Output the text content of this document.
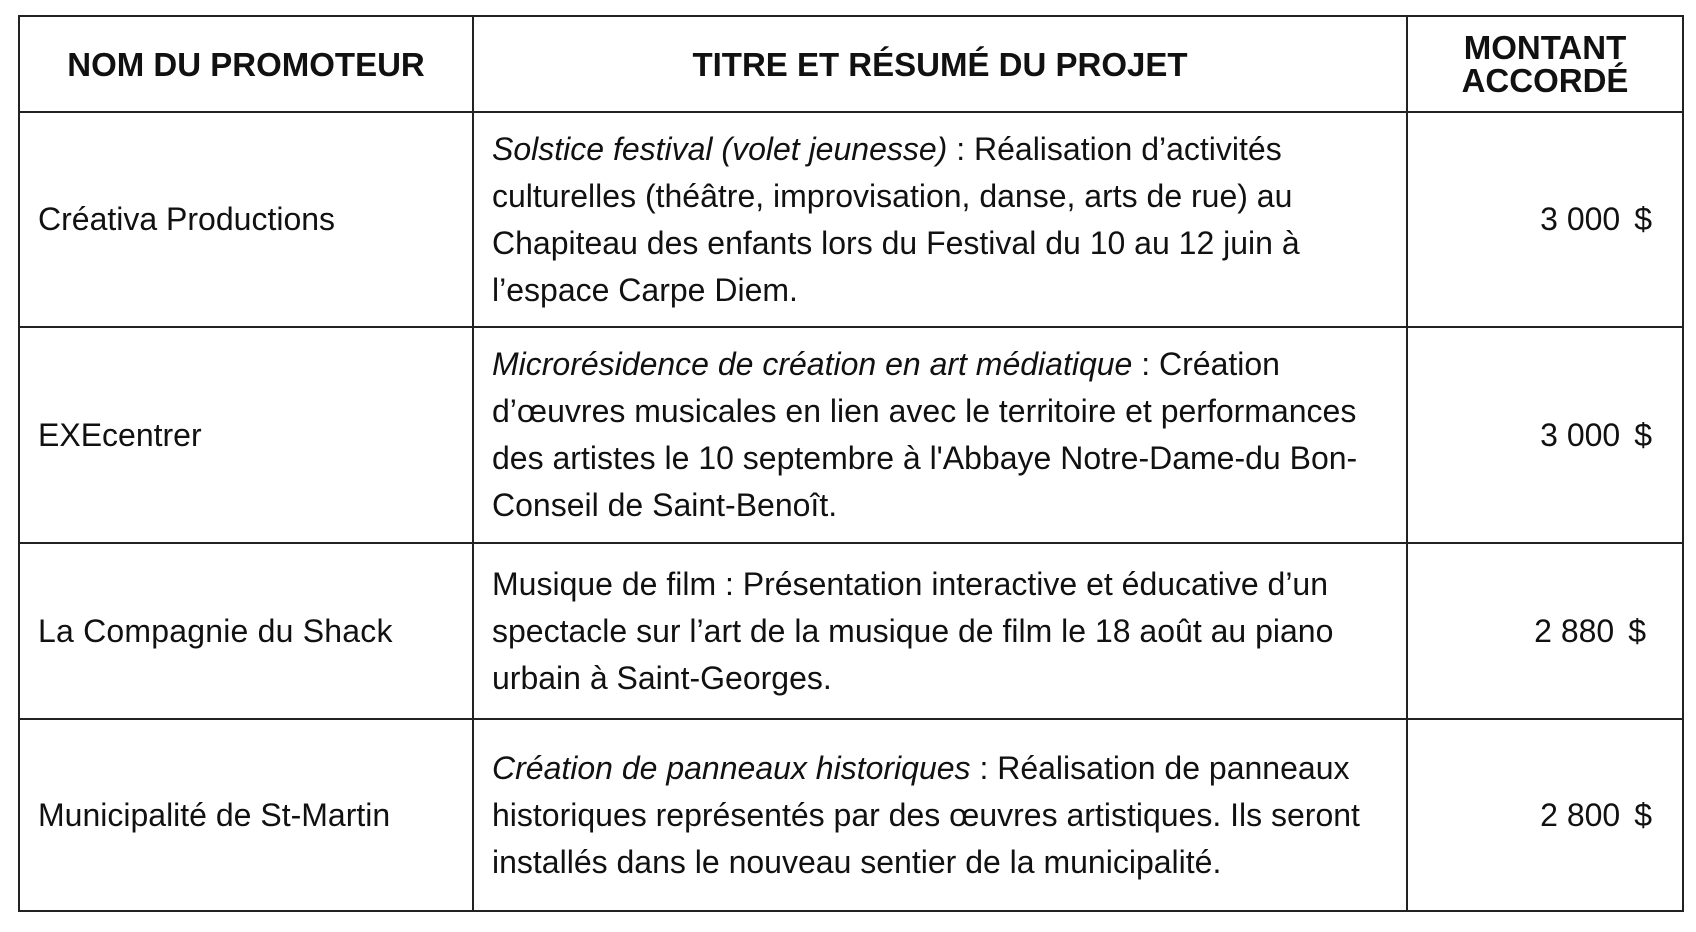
NOM DU PROMOTEUR	TITRE ET RÉSUMÉ DU PROJET	MONTANT
ACCORDÉ
Créativa Productions	Solstice festival (volet jeunesse) : Réalisation d’activités culturelles (théâtre, improvisation, danse, arts de rue) au Chapiteau des enfants lors du Festival du 10 au 12 juin à l’espace Carpe Diem.	3 000 $
EXEcentrer	Microrésidence de création en art médiatique : Création d’œuvres musicales en lien avec le territoire et performances des artistes le 10 septembre à l'Abbaye Notre-Dame-du Bon-Conseil de Saint-Benoît.	3 000 $
La Compagnie du Shack	Musique de film : Présentation interactive et éducative d’un spectacle sur l’art de la musique de film le 18 août au piano urbain à Saint-Georges.	2 880 $
Municipalité de St-Martin	Création de panneaux historiques : Réalisation de panneaux historiques représentés par des œuvres artistiques. Ils seront installés dans le nouveau sentier de la municipalité.	2 800 $
